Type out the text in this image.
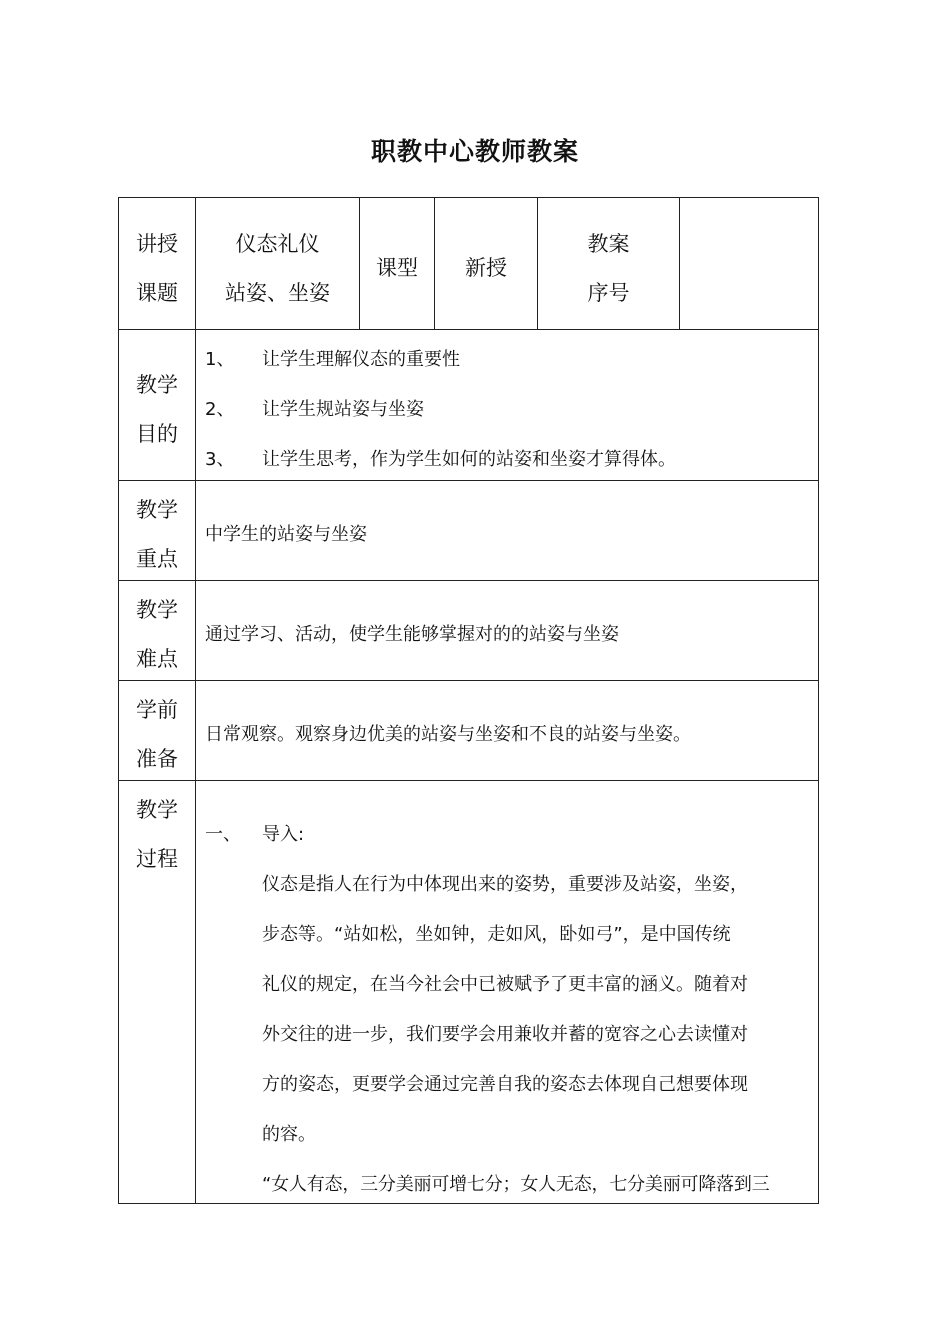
职教中心教师教案
讲授
课题
仪态礼仪
站姿、坐姿
课型	新授
教案
序号
教学
目的
1、 让学生理解仪态的重要性
2、 让学生规站姿与坐姿
3、 让学生思考，作为学生如何的站姿和坐姿才算得体。
教学
重点
中学生的站姿与坐姿
教学
难点
通过学习、活动，使学生能够掌握对的的站姿与坐姿
学前
准备
日常观察。观察身边优美的站姿与坐姿和不良的站姿与坐姿。
教学
过程
一、 导入:
仪态是指人在行为中体现出来的姿势，重要涉及站姿，坐姿，
步态等。“站如松，坐如钟，走如风，卧如弓”，是中国传统
礼仪的规定，在当今社会中已被赋予了更丰富的涵义。随着对
外交往的进一步，我们要学会用兼收并蓄的宽容之心去读懂对
方的姿态，更要学会通过完善自我的姿态去体现自己想要体现
的容。
“女人有态，三分美丽可增七分；女人无态，七分美丽可降落到三
